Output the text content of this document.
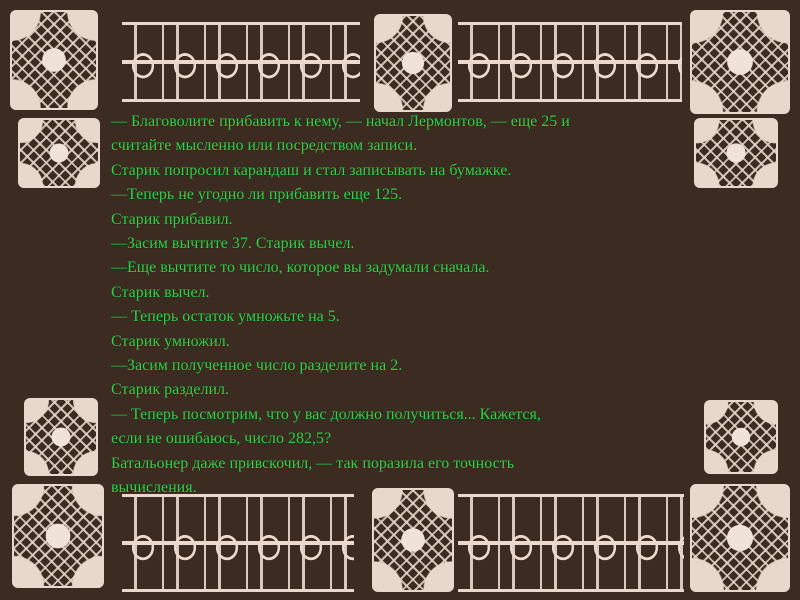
— Благоволите прибавить к нему, — начал Лермонтов, — еще 25 и
считайте мысленно или посредством записи.
Старик попросил карандаш и стал записывать на бумажке.
—Теперь не угодно ли прибавить еще 125.
Старик прибавил.
—Засим вычтите 37. Старик вычел.
—Еще вычтите то число, которое вы задумали сначала.
Старик вычел.
— Теперь остаток умножьте на 5.
Старик умножил.
—Засим полученное число разделите на 2.
Старик разделил.
— Теперь посмотрим, что у вас должно получиться... Кажется,
если не ошибаюсь, число 282,5?
Батальонер даже привскочил, — так поразила его точность
вычисления.
